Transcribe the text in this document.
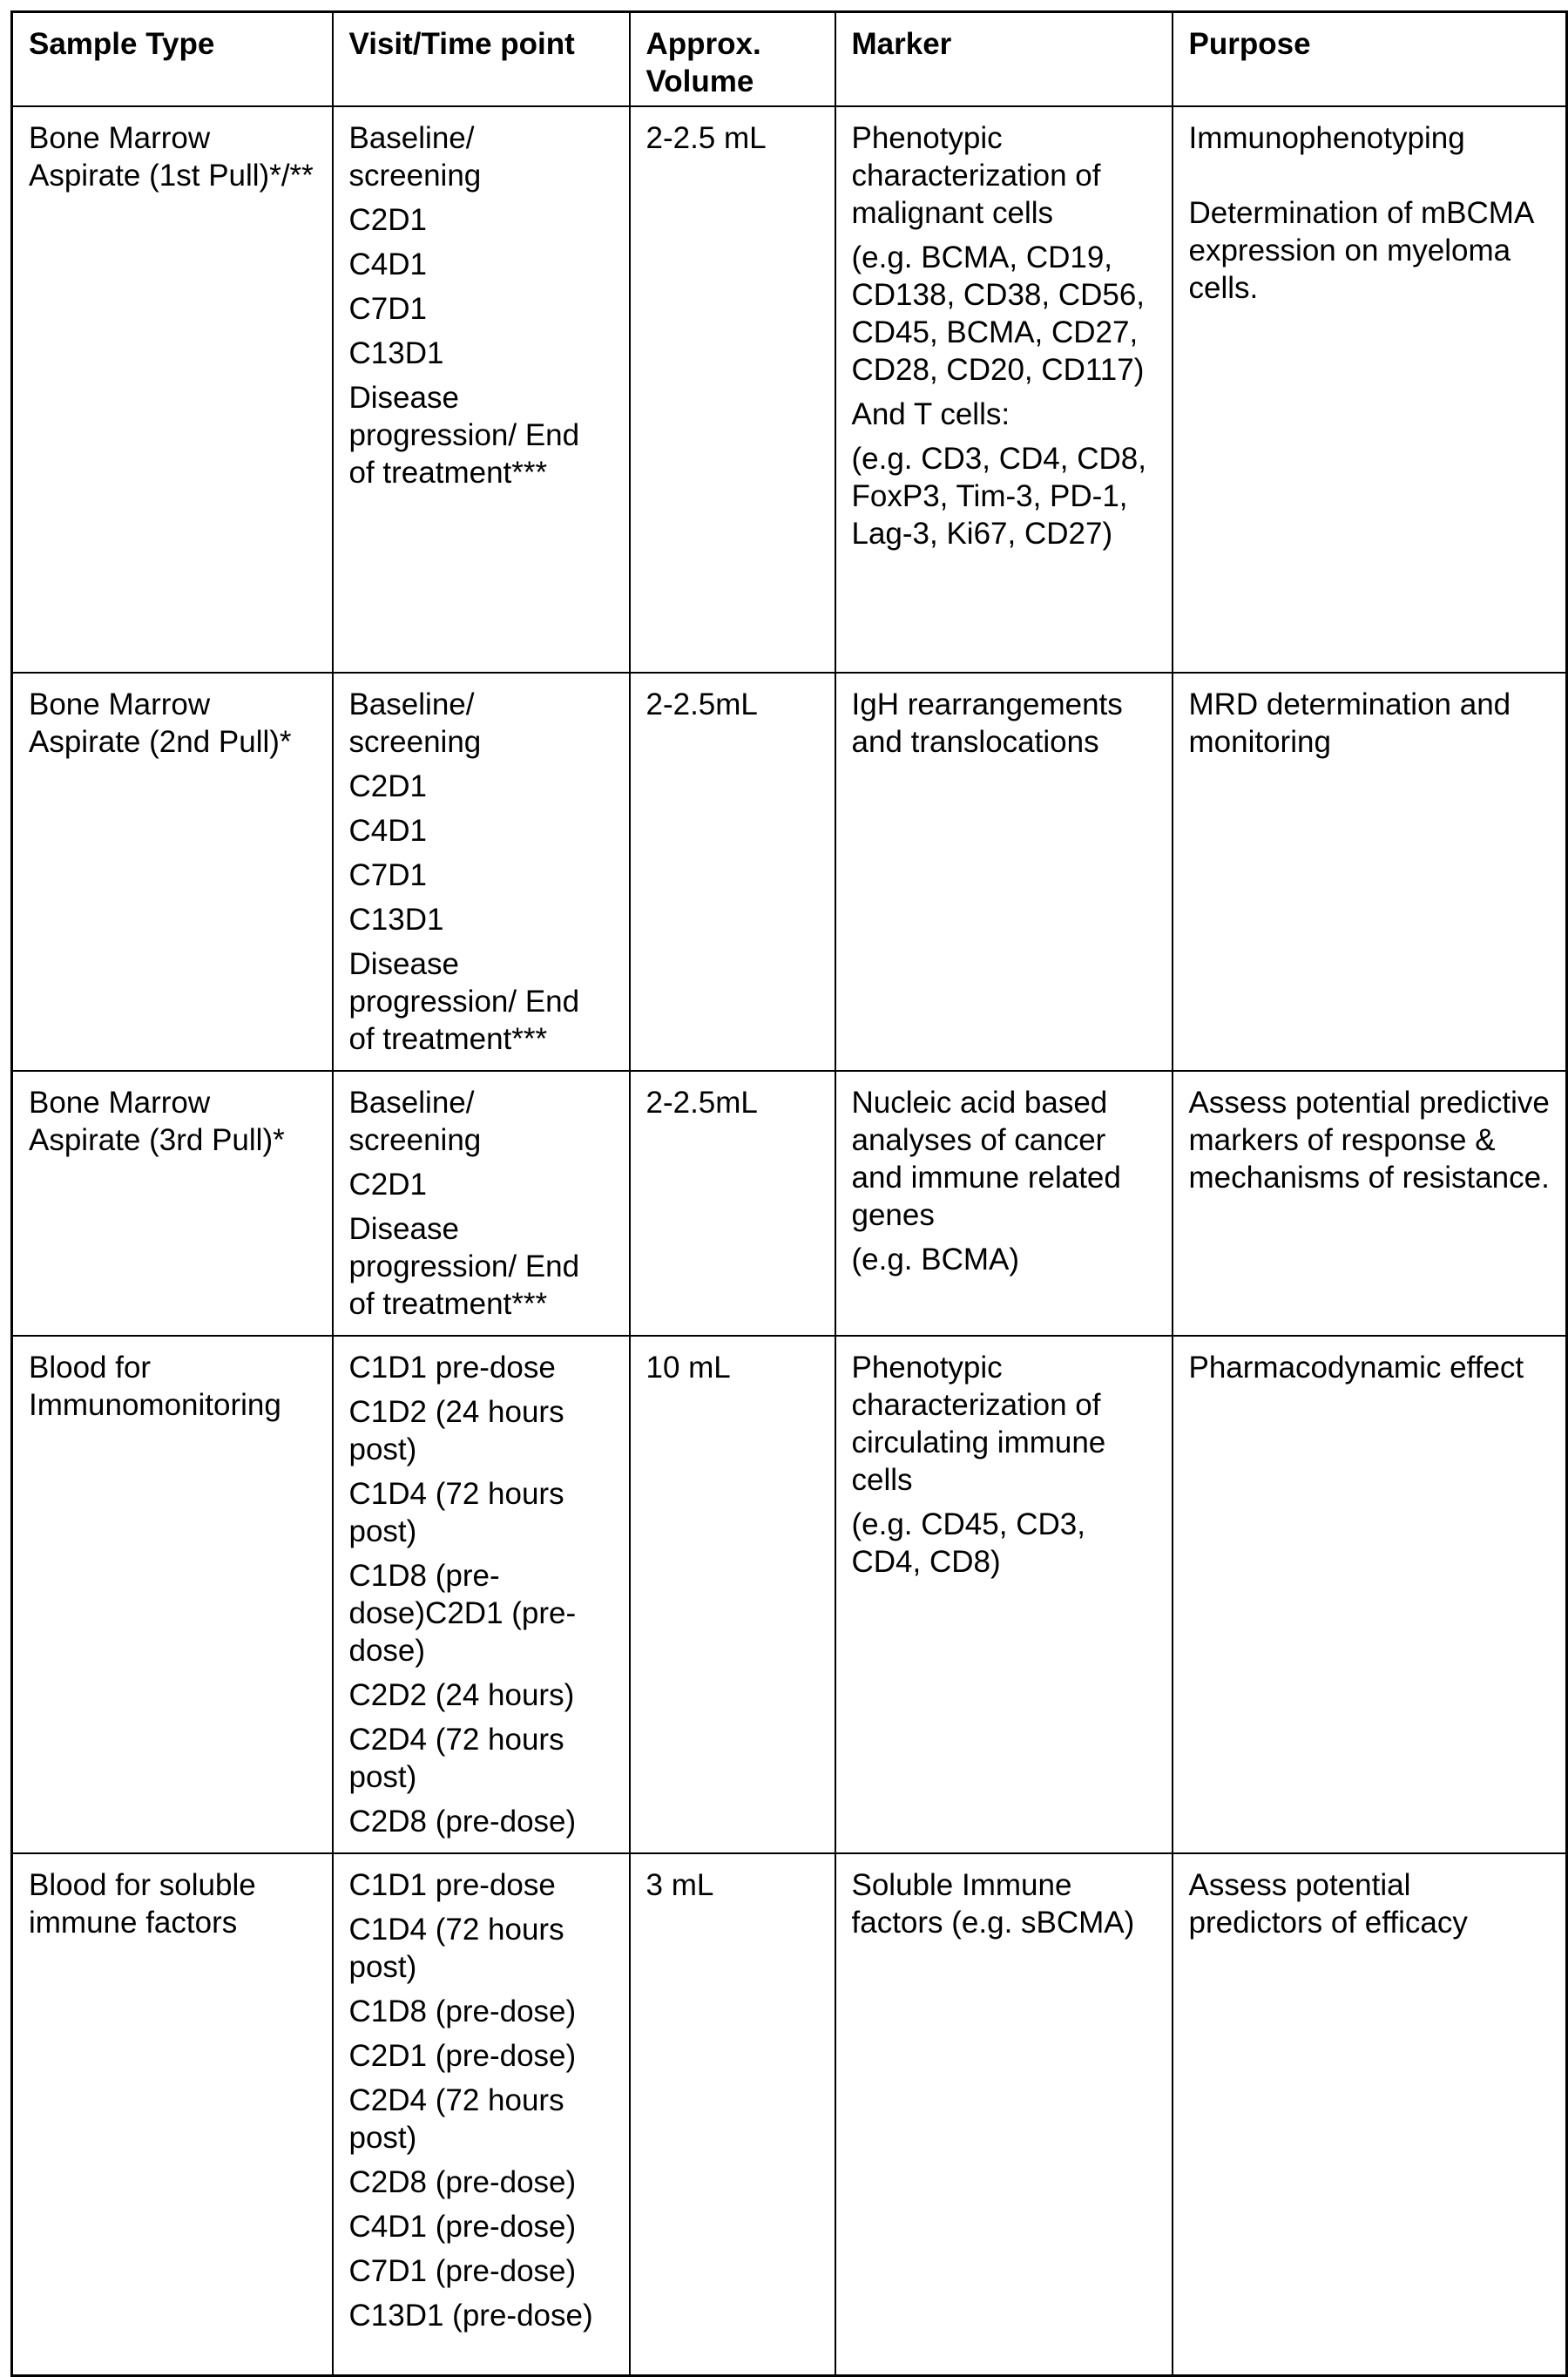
Sample Type	Visit/Time point	Approx. Volume	Marker	Purpose

Bone Marrow Aspirate (1st Pull)*/**

Baseline/ screening
C2D1
C4D1
C7D1
C13D1
Disease progression/ End of treatment***

2-2.5 mL	Phenotypic characterization of malignant cells
(e.g. BCMA, CD19, CD138, CD38, CD56, CD45, BCMA, CD27, CD28, CD20, CD117)
And T cells:
(e.g. CD3, CD4, CD8, FoxP3, Tim-3, PD-1, Lag-3, Ki67, CD27)

Immunophenotyping
Determination of mBCMA expression on myeloma cells.

Bone Marrow Aspirate (2nd Pull)*

Baseline/ screening
C2D1
C4D1
C7D1
C13D1
Disease progression/ End of treatment***

2-2.5mL	IgH rearrangements and translocations

MRD determination and monitoring

Bone Marrow Aspirate (3rd Pull)*

Baseline/ screening
C2D1
Disease progression/ End of treatment***

2-2.5mL	Nucleic acid based analyses of cancer and immune related genes
(e.g. BCMA)

Assess potential predictive markers of response & mechanisms of resistance.

Blood for Immunomonitoring

C1D1 pre-dose
C1D2 (24 hours post)
C1D4 (72 hours post)
C1D8 (pre-dose)C2D1 (pre-dose)
C2D2 (24 hours)
C2D4 (72 hours post)
C2D8 (pre-dose)

10 mL	Phenotypic characterization of circulating immune cells
(e.g. CD45, CD3, CD4, CD8)

Pharmacodynamic effect

Blood for soluble immune factors

C1D1 pre-dose
C1D4 (72 hours post)
C1D8 (pre-dose)
C2D1 (pre-dose)
C2D4 (72 hours post)
C2D8 (pre-dose)
C4D1 (pre-dose)
C7D1 (pre-dose)
C13D1 (pre-dose)

3 mL	Soluble Immune factors (e.g. sBCMA)

Assess potential predictors of efficacy
